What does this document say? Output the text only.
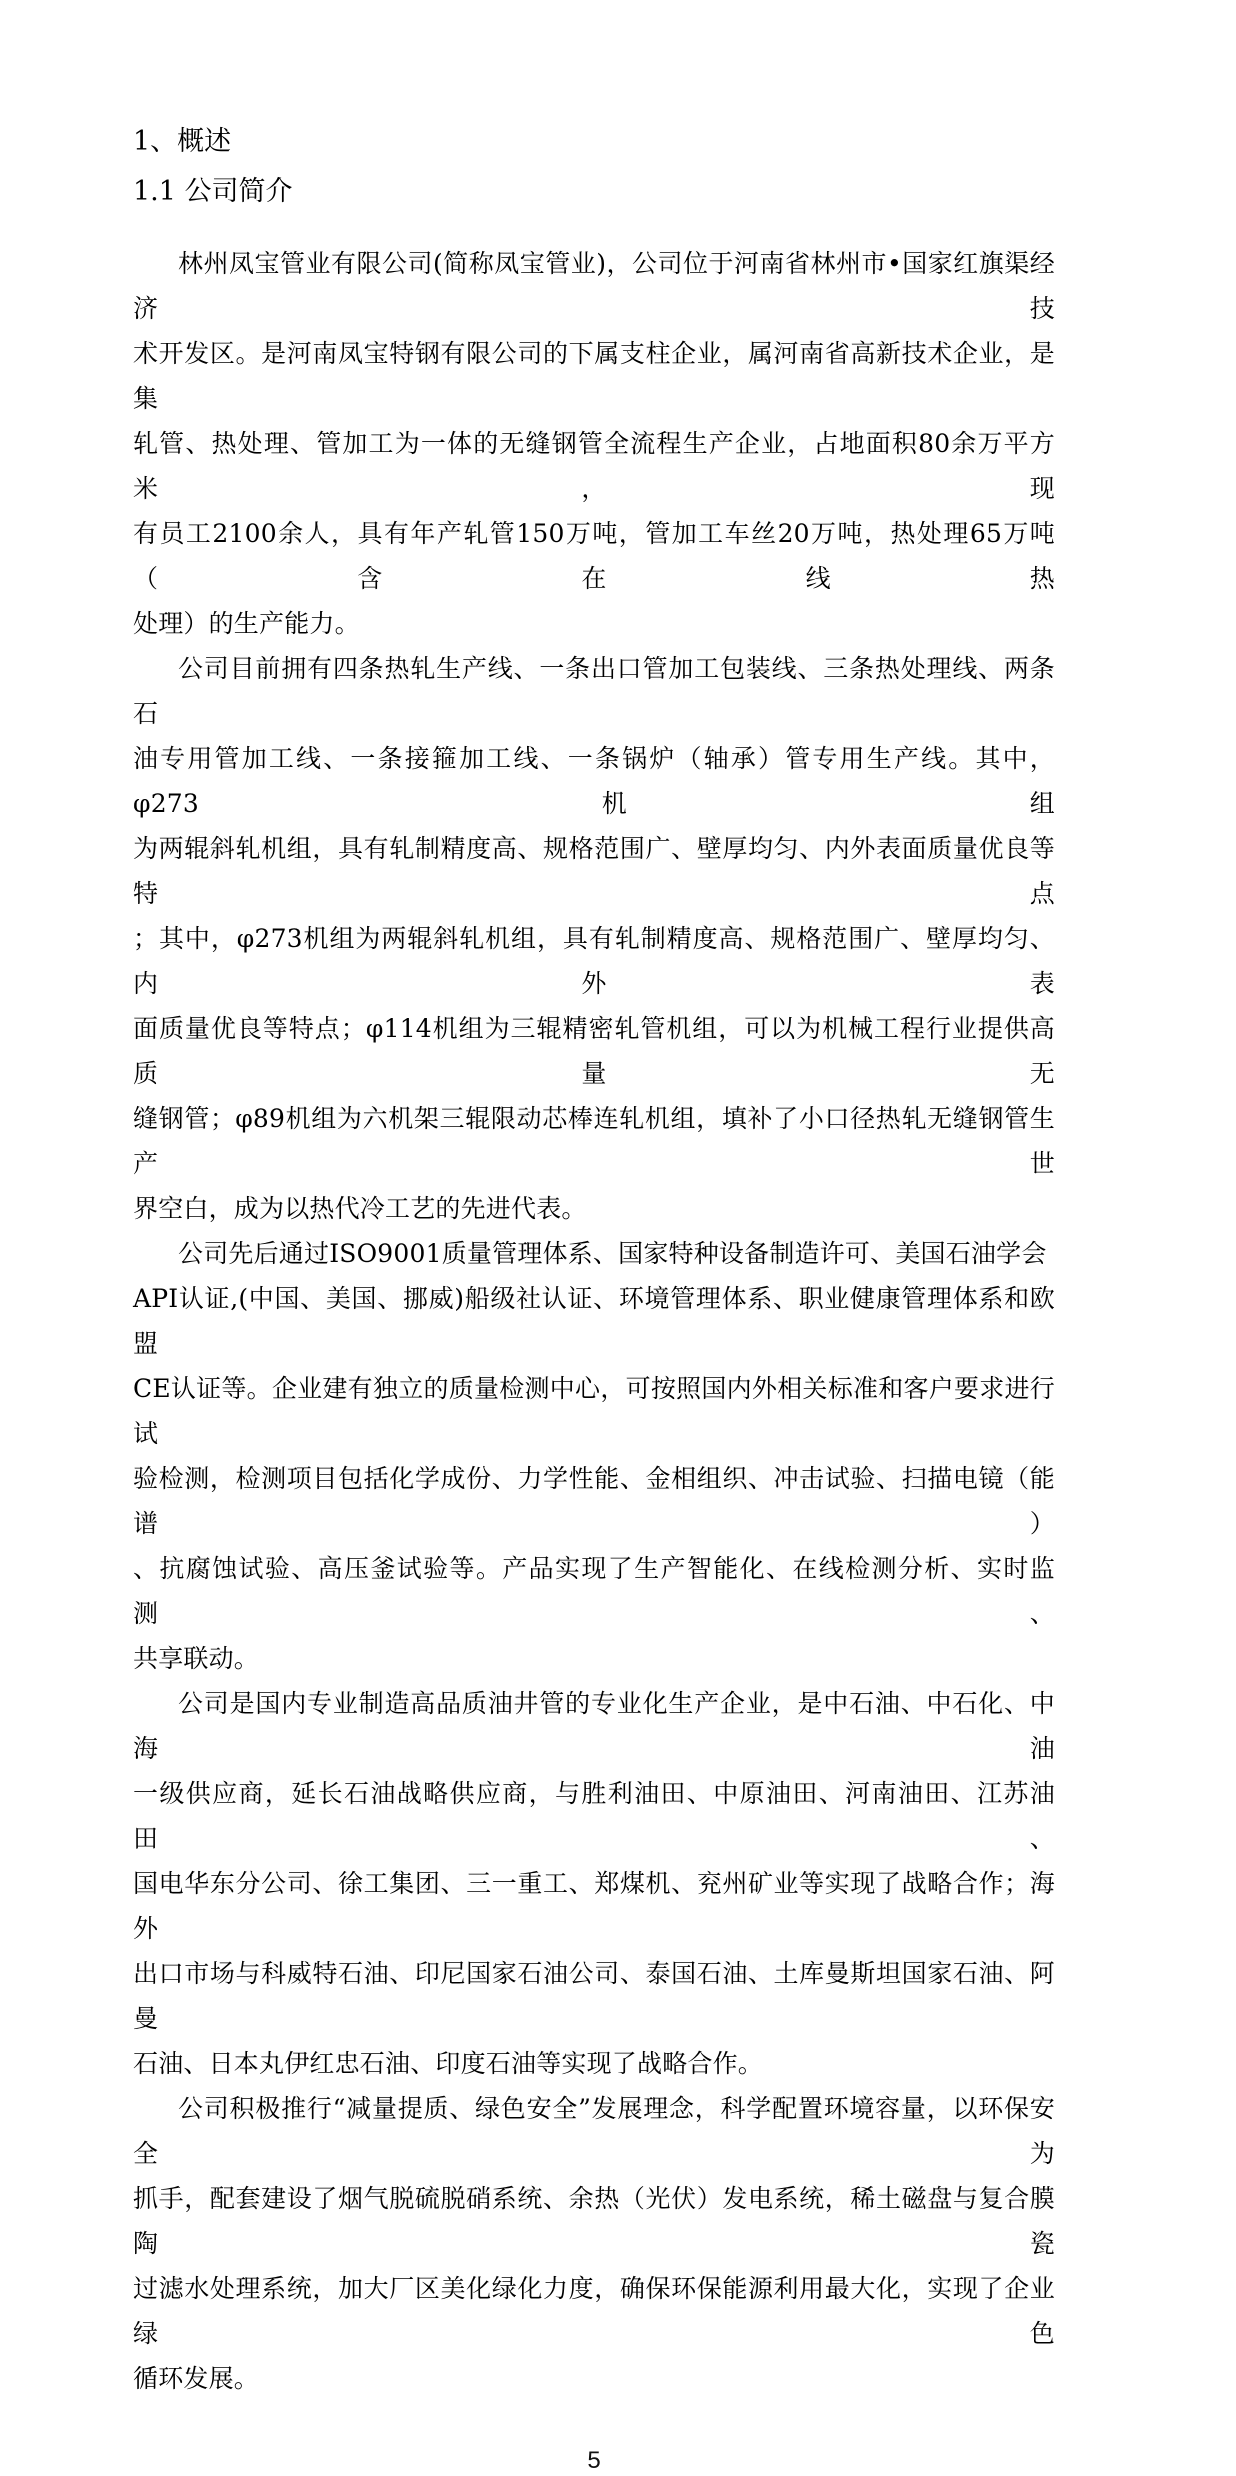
1、概述
1.1 公司简介
林州凤宝管业有限公司(简称凤宝管业)，公司位于河南省林州市•国家红旗渠经济技
术开发区。是河南凤宝特钢有限公司的下属支柱企业，属河南省高新技术企业，是集
轧管、热处理、管加工为一体的无缝钢管全流程生产企业，占地面积80余万平方米，现
有员工2100余人，具有年产轧管150万吨，管加工车丝20万吨，热处理65万吨（含在线热
处理）的生产能力。
公司目前拥有四条热轧生产线、一条出口管加工包装线、三条热处理线、两条石
油专用管加工线、一条接箍加工线、一条锅炉（轴承）管专用生产线。其中，φ273机组
为两辊斜轧机组，具有轧制精度高、规格范围广、壁厚均匀、内外表面质量优良等特点
；其中，φ273机组为两辊斜轧机组，具有轧制精度高、规格范围广、壁厚均匀、内外表
面质量优良等特点；φ114机组为三辊精密轧管机组，可以为机械工程行业提供高质量无
缝钢管；φ89机组为六机架三辊限动芯棒连轧机组，填补了小口径热轧无缝钢管生产世
界空白，成为以热代冷工艺的先进代表。
公司先后通过ISO9001质量管理体系、国家特种设备制造许可、美国石油学会
API认证,(中国、美国、挪威)船级社认证、环境管理体系、职业健康管理体系和欧盟
CE认证等。企业建有独立的质量检测中心，可按照国内外相关标准和客户要求进行试
验检测，检测项目包括化学成份、力学性能、金相组织、冲击试验、扫描电镜（能谱）
、抗腐蚀试验、高压釜试验等。产品实现了生产智能化、在线检测分析、实时监测、
共享联动。
公司是国内专业制造高品质油井管的专业化生产企业，是中石油、中石化、中海油
一级供应商，延长石油战略供应商，与胜利油田、中原油田、河南油田、江苏油田、
国电华东分公司、徐工集团、三一重工、郑煤机、兖州矿业等实现了战略合作；海外
出口市场与科威特石油、印尼国家石油公司、泰国石油、土库曼斯坦国家石油、阿曼
石油、日本丸伊红忠石油、印度石油等实现了战略合作。
公司积极推行“减量提质、绿色安全”发展理念，科学配置环境容量，以环保安全为
抓手，配套建设了烟气脱硫脱硝系统、余热（光伏）发电系统，稀土磁盘与复合膜陶瓷
过滤水处理系统，加大厂区美化绿化力度，确保环保能源利用最大化，实现了企业绿色
循环发展。
5
